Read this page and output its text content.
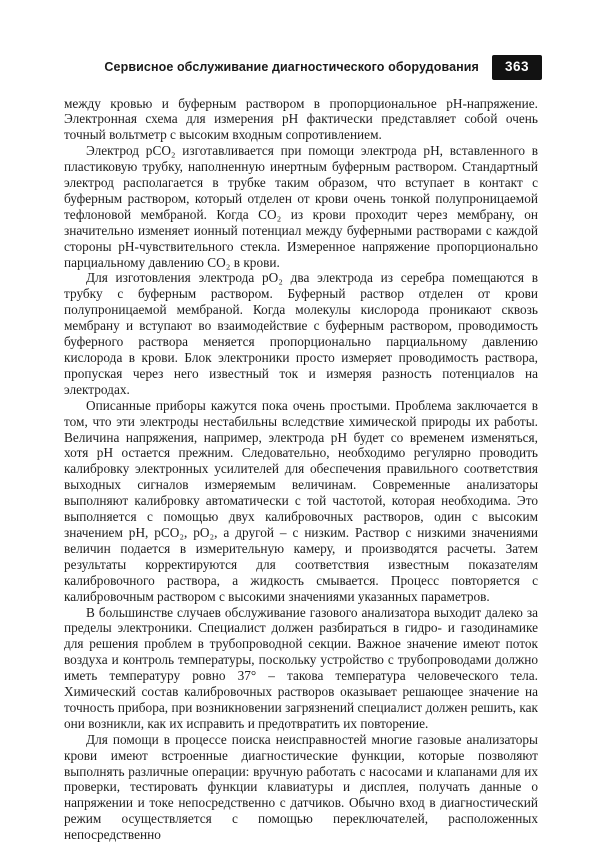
Сервисное обслуживание диагностического оборудования	363

между кровью и буферным раствором в пропорциональное pH-напряжение. Электронная схема для измерения pH фактически представляет собой очень точный вольтметр с высоким входным сопротивлением.

Электрод pCO₂ изготавливается при помощи электрода pH, вставленного в пластиковую трубку, наполненную инертным буферным раствором. Стандартный электрод располагается в трубке таким образом, что вступает в контакт с буферным раствором, который отделен от крови очень тонкой полупроницаемой тефлоновой мембраной. Когда CO₂ из крови проходит через мембрану, он значительно изменяет ионный потенциал между буферными растворами с каждой стороны pH-чувствительного стекла. Измеренное напряжение пропорционально парциальному давлению CO₂ в крови.

Для изготовления электрода pO₂ два электрода из серебра помещаются в трубку с буферным раствором. Буферный раствор отделен от крови полупроницаемой мембраной. Когда молекулы кислорода проникают сквозь мембрану и вступают во взаимодействие с буферным раствором, проводимость буферного раствора меняется пропорционально парциальному давлению кислорода в крови. Блок электроники просто измеряет проводимость раствора, пропуская через него известный ток и измеряя разность потенциалов на электродах.

Описанные приборы кажутся пока очень простыми. Проблема заключается в том, что эти электроды нестабильны вследствие химической природы их работы. Величина напряжения, например, электрода pH будет со временем изменяться, хотя pH остается прежним. Следовательно, необходимо регулярно проводить калибровку электронных усилителей для обеспечения правильного соответствия выходных сигналов измеряемым величинам. Современные анализаторы выполняют калибровку автоматически с той частотой, которая необходима. Это выполняется с помощью двух калибровочных растворов, один с высоким значением pH, pCO₂, pO₂, а другой – с низким. Раствор с низкими значениями величин подается в измерительную камеру, и производятся расчеты. Затем результаты корректируются для соответствия известным показателям калибровочного раствора, а жидкость смывается. Процесс повторяется с калибровочным раствором с высокими значениями указанных параметров.

В большинстве случаев обслуживание газового анализатора выходит далеко за пределы электроники. Специалист должен разбираться в гидро- и газодинамике для решения проблем в трубопроводной секции. Важное значение имеют поток воздуха и контроль температуры, поскольку устройство с трубопроводами должно иметь температуру ровно 37° – такова температура человеческого тела. Химический состав калибровочных растворов оказывает решающее значение на точность прибора, при возникновении загрязнений специалист должен решить, как они возникли, как их исправить и предотвратить их повторение.

Для помощи в процессе поиска неисправностей многие газовые анализаторы крови имеют встроенные диагностические функции, которые позволяют выполнять различные операции: вручную работать с насосами и клапанами для их проверки, тестировать функции клавиатуры и дисплея, получать данные о напряжении и токе непосредственно с датчиков. Обычно вход в диагностический режим осуществляется с помощью переключателей, расположенных непосредственно
